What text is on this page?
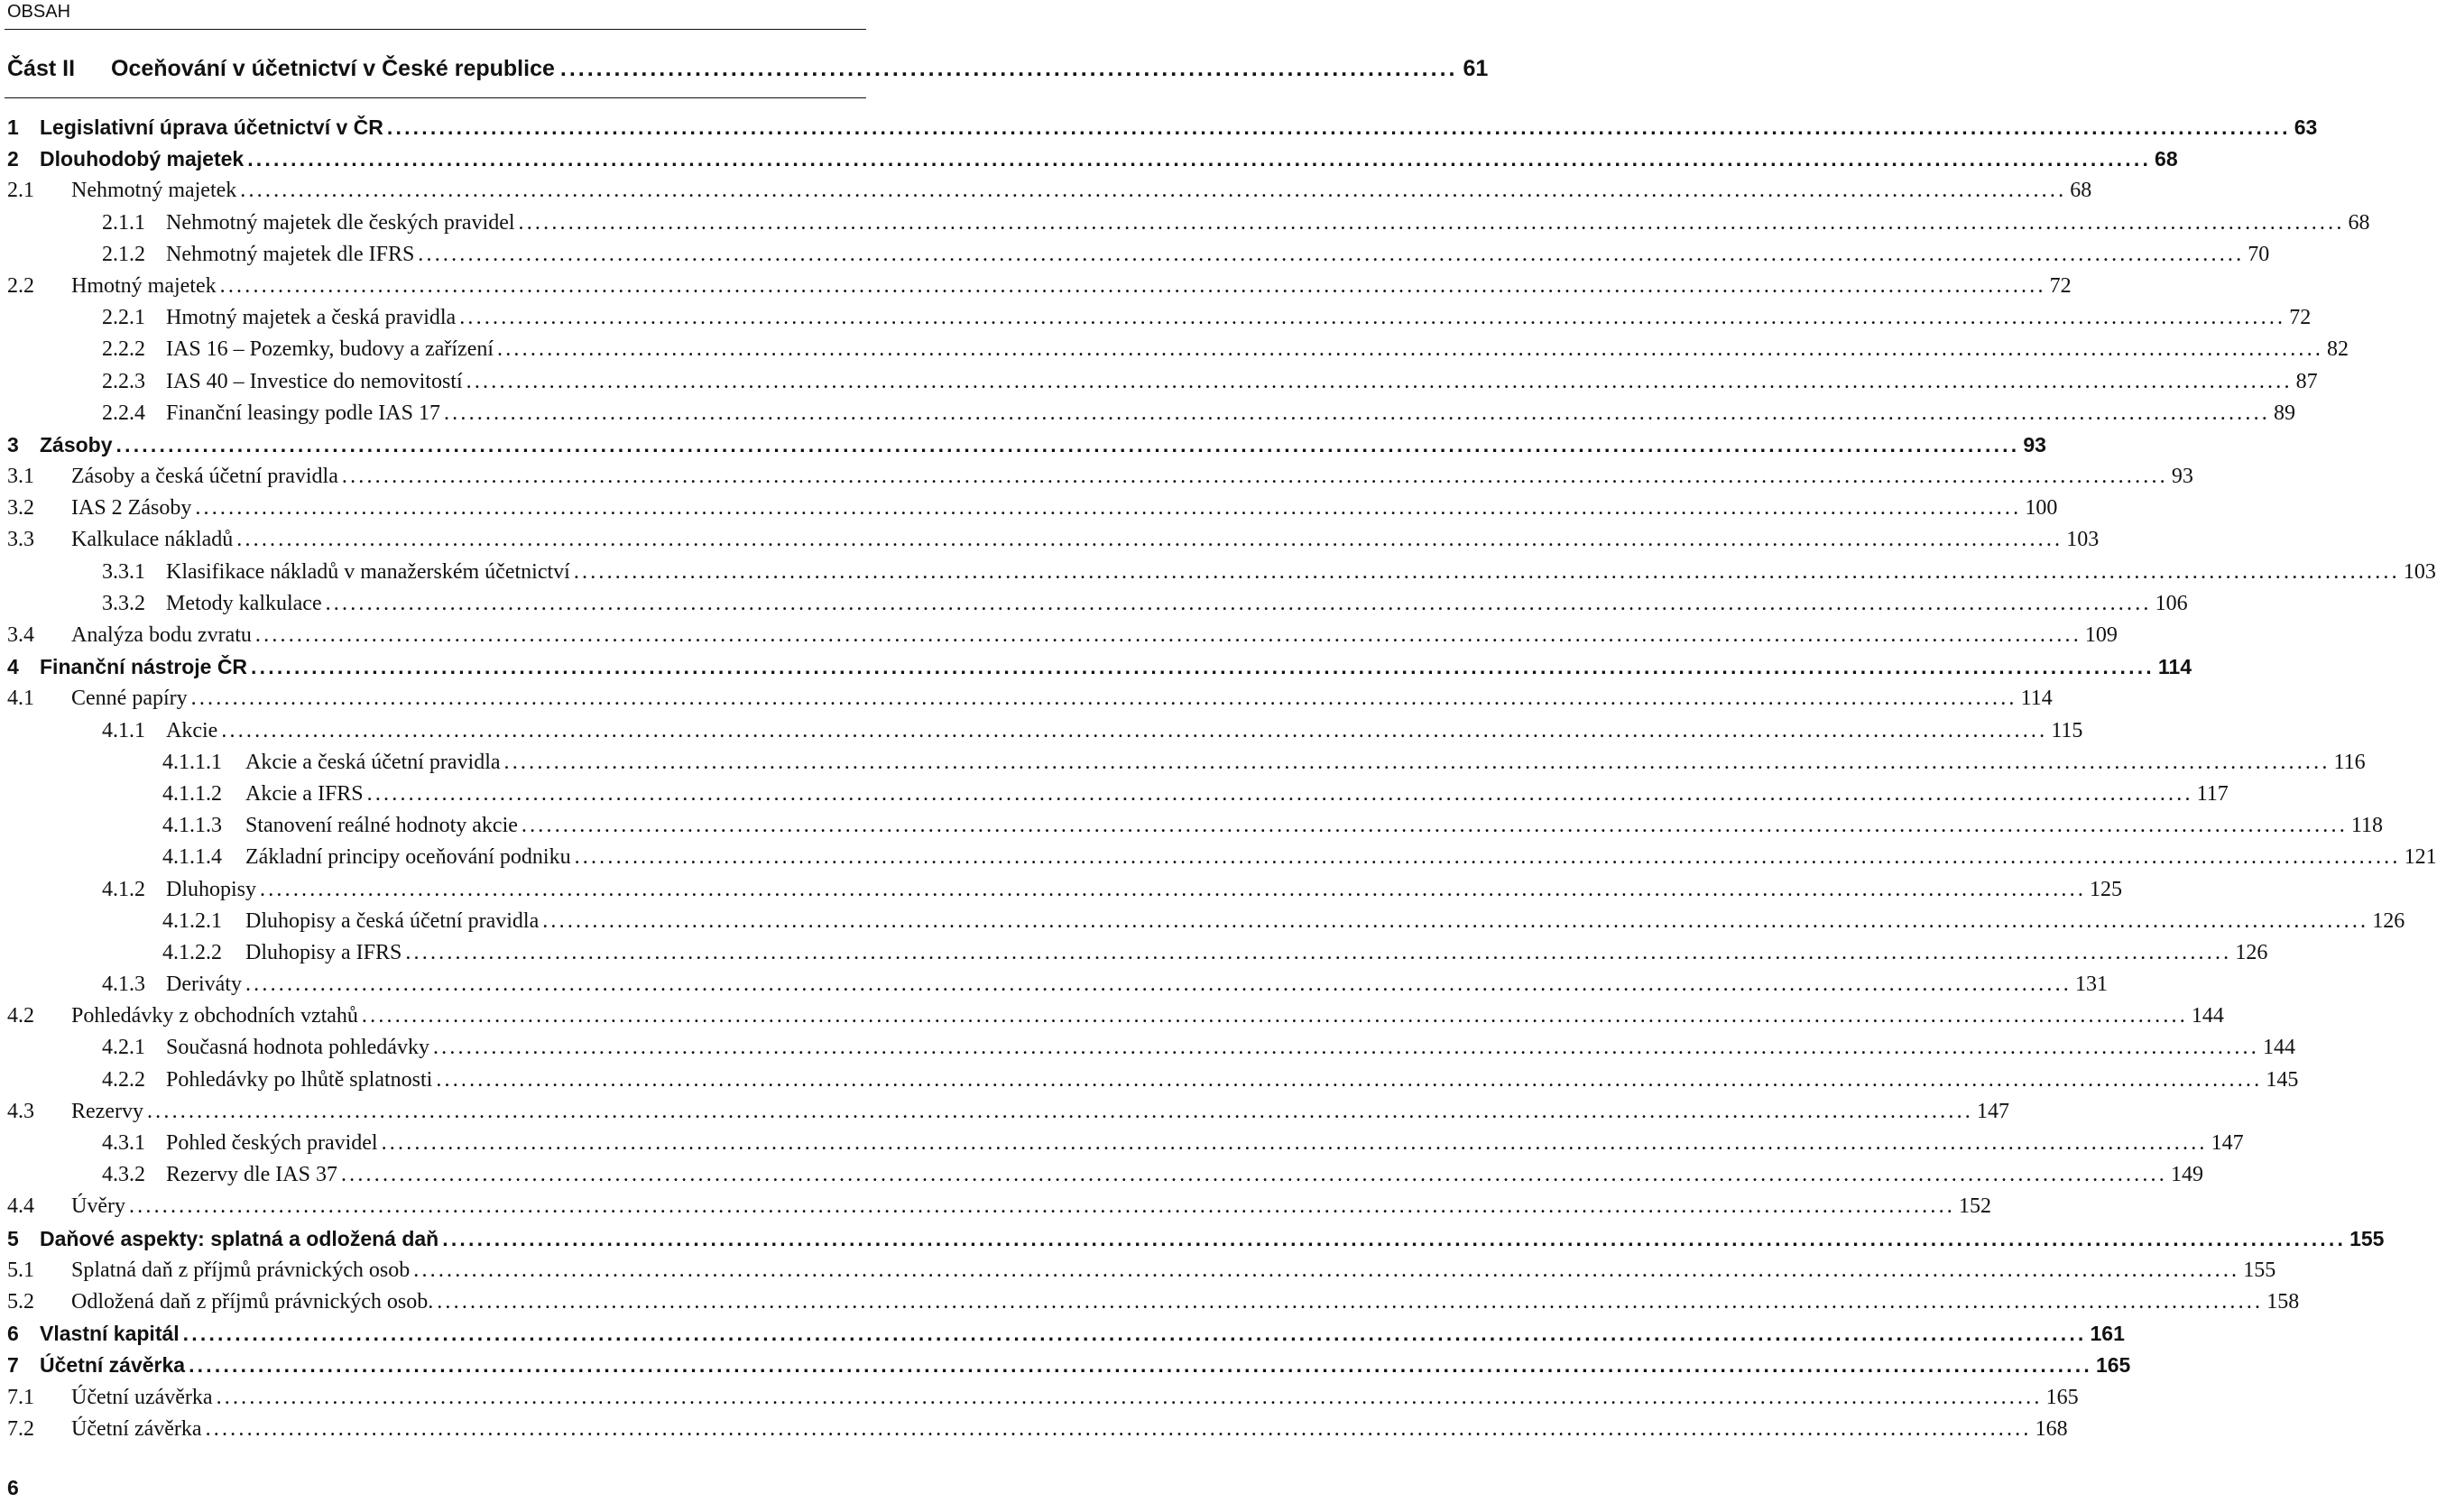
OBSAH
Část II	Oceňování v účetnictví v České republice .................................................................................................... 61
1	Legislativní úprava účetnictví v ČR ............................................................................................................................................................................................................................ 63
2	Dlouhodobý majetek ............................................................................................................................................................................................................................ 68
2.1	Nehmotný majetek ............................................................................................................................................................................................................................ 68
2.1.1 Nehmotný majetek dle českých pravidel ............................................................................................................................................................................................................................ 68
2.1.2 Nehmotný majetek dle IFRS ............................................................................................................................................................................................................................ 70
2.2	Hmotný majetek ............................................................................................................................................................................................................................ 72
2.2.1 Hmotný majetek a česká pravidla ............................................................................................................................................................................................................................ 72
2.2.2 IAS 16 – Pozemky, budovy a zařízení ............................................................................................................................................................................................................................ 82
2.2.3 IAS 40 – Investice do nemovitostí ............................................................................................................................................................................................................................ 87
2.2.4 Finanční leasingy podle IAS 17 ............................................................................................................................................................................................................................ 89
3	Zásoby ............................................................................................................................................................................................................................ 93
3.1	Zásoby a česká účetní pravidla ............................................................................................................................................................................................................................ 93
3.2	IAS 2 Zásoby ............................................................................................................................................................................................................................ 100
3.3	Kalkulace nákladů ............................................................................................................................................................................................................................ 103
3.3.1 Klasifikace nákladů v manažerském účetnictví ............................................................................................................................................................................................................................ 103
3.3.2 Metody kalkulace ............................................................................................................................................................................................................................ 106
3.4	Analýza bodu zvratu ............................................................................................................................................................................................................................ 109
4	Finanční nástroje ČR ............................................................................................................................................................................................................................ 114
4.1	Cenné papíry ............................................................................................................................................................................................................................ 114
4.1.1 Akcie ............................................................................................................................................................................................................................ 115
4.1.1.1	Akcie a česká účetní pravidla ............................................................................................................................................................................................................................ 116
4.1.1.2	Akcie a IFRS ............................................................................................................................................................................................................................ 117
4.1.1.3	Stanovení reálné hodnoty akcie ............................................................................................................................................................................................................................ 118
4.1.1.4	Základní principy oceňování podniku ............................................................................................................................................................................................................................ 121
4.1.2 Dluhopisy ............................................................................................................................................................................................................................ 125
4.1.2.1	Dluhopisy a česká účetní pravidla ............................................................................................................................................................................................................................ 126
4.1.2.2	Dluhopisy a IFRS ............................................................................................................................................................................................................................ 126
4.1.3 Deriváty ............................................................................................................................................................................................................................ 131
4.2	Pohledávky z obchodních vztahů ............................................................................................................................................................................................................................ 144
4.2.1 Současná hodnota pohledávky ............................................................................................................................................................................................................................ 144
4.2.2 Pohledávky po lhůtě splatnosti ............................................................................................................................................................................................................................ 145
4.3	Rezervy ............................................................................................................................................................................................................................ 147
4.3.1 Pohled českých pravidel ............................................................................................................................................................................................................................ 147
4.3.2 Rezervy dle IAS 37 ............................................................................................................................................................................................................................ 149
4.4	Úvěry ............................................................................................................................................................................................................................ 152
5	Daňové aspekty: splatná a odložená daň ............................................................................................................................................................................................................................ 155
5.1	Splatná daň z příjmů právnických osob ............................................................................................................................................................................................................................ 155
5.2	Odložená daň z příjmů právnických osob. ............................................................................................................................................................................................................................ 158
6	Vlastní kapitál ............................................................................................................................................................................................................................ 161
7	Účetní závěrka ............................................................................................................................................................................................................................ 165
7.1	Účetní uzávěrka ............................................................................................................................................................................................................................ 165
7.2	Účetní závěrka ............................................................................................................................................................................................................................ 168
6
